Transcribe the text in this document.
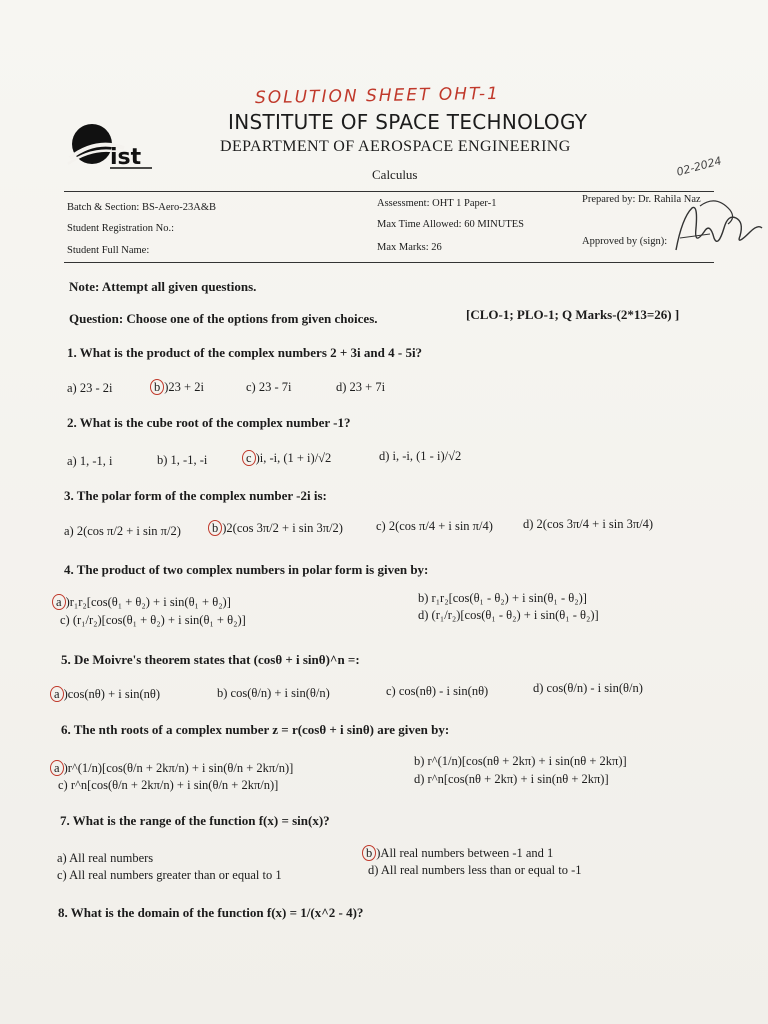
ist
SOLUTION SHEET OHT-1
INSTITUTE OF SPACE TECHNOLOGY
DEPARTMENT OF AEROSPACE ENGINEERING
Calculus	02-2024
Batch & Section: BS-Aero-23A&B
Student Registration No.:
Student Full Name:
Assessment: OHT 1 Paper-1
Max Time Allowed: 60 MINUTES
Max Marks: 26
Prepared by: Dr. Rahila Naz
Approved by (sign):
Note: Attempt all given questions.
Question: Choose one of the options from given choices.	[CLO-1; PLO-1; Q Marks-(2*13=26) ]
1. What is the product of the complex numbers 2 + 3i and 4 - 5i?
a) 23 - 2i	b )23 + 2i	c) 23 - 7i	d) 23 + 7i
2. What is the cube root of the complex number -1?
a) 1, -1, i	b) 1, -1, -i	c )i, -i, (1 + i)/√2	d) i, -i, (1 - i)/√2
3. The polar form of the complex number -2i is:
a) 2(cos π/2 + i sin π/2)	b )2(cos 3π/2 + i sin 3π/2)	c) 2(cos π/4 + i sin π/4) d) 2(cos 3π/4 + i sin 3π/4)
4. The product of two complex numbers in polar form is given by:
a )r₁r₂[cos(θ₁ + θ₂) + i sin(θ₁ + θ₂)]	b) r₁r₂[cos(θ₁ - θ₂) + i sin(θ₁ - θ₂)]
c) (r₁/r₂)[cos(θ₁ + θ₂) + i sin(θ₁ + θ₂)]	d) (r₁/r₂)[cos(θ₁ - θ₂) + i sin(θ₁ - θ₂)]
5. De Moivre's theorem states that (cosθ + i sinθ)^n =:
a )cos(nθ) + i sin(nθ)	b) cos(θ/n) + i sin(θ/n)	c) cos(nθ) - i sin(nθ)	d) cos(θ/n) - i sin(θ/n)
6. The nth roots of a complex number z = r(cosθ + i sinθ) are given by:
a )r^(1/n)[cos(θ/n + 2kπ/n) + i sin(θ/n + 2kπ/n)]	b) r^(1/n)[cos(nθ + 2kπ) + i sin(nθ + 2kπ)]
c) r^n[cos(θ/n + 2kπ/n) + i sin(θ/n + 2kπ/n)]	d) r^n[cos(nθ + 2kπ) + i sin(nθ + 2kπ)]
7. What is the range of the function f(x) = sin(x)?
a) All real numbers	b )All real numbers between -1 and 1
c) All real numbers greater than or equal to 1	d) All real numbers less than or equal to -1
8. What is the domain of the function f(x) = 1/(x^2 - 4)?
